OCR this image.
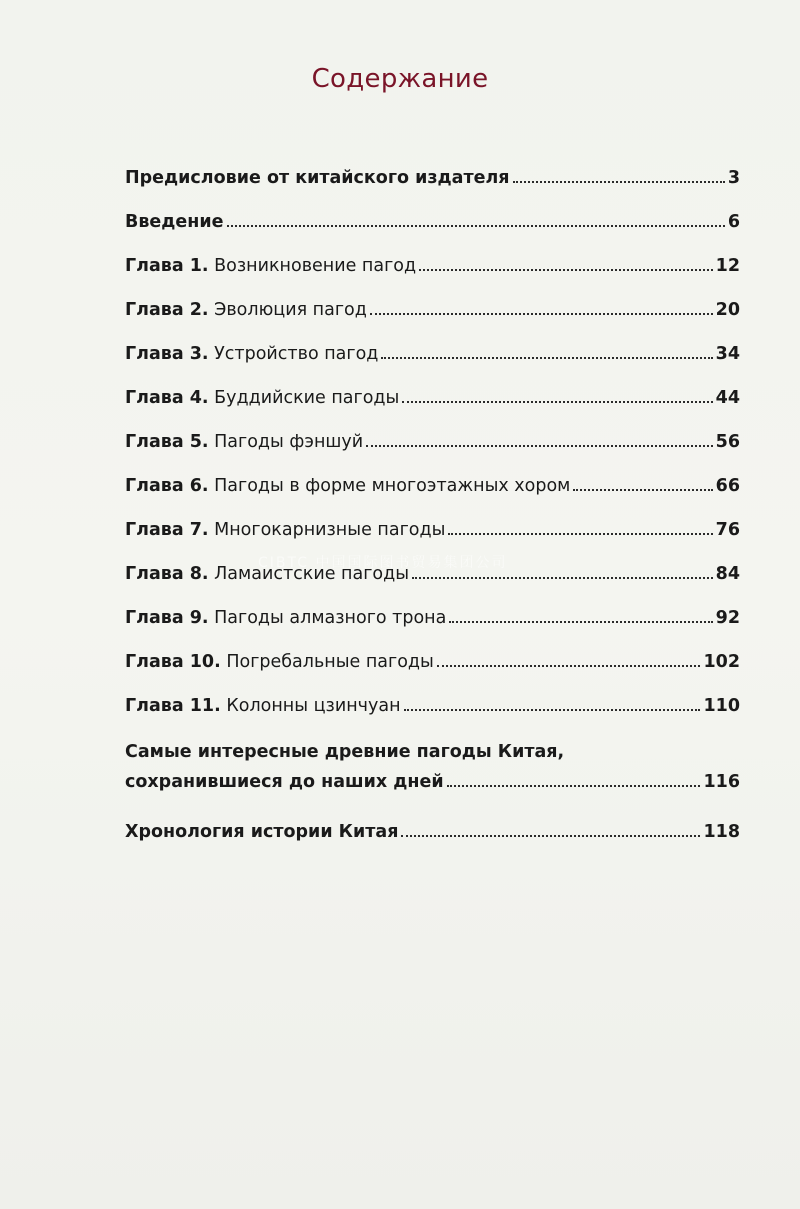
Содержание
Предисловие от китайского издателя	3
Введение	6
Глава 1. Возникновение пагод	12
Глава 2. Эволюция пагод	20
Глава 3. Устройство пагод	34
Глава 4. Буддийские пагоды	44
Глава 5. Пагоды фэншуй	56
Глава 6. Пагоды в форме многоэтажных хором	66
Глава 7. Многокарнизные пагоды	76
Глава 8. Ламаистские пагоды	84
Глава 9. Пагоды алмазного трона	92
Глава 10. Погребальные пагоды	102
Глава 11. Колонны цзинчуан	110
Самые интересные древние пагоды Китая,
сохранившиеся до наших дней	116
Хронология истории Китая	118
CIBTC 中国国际图书贸易集团公司
